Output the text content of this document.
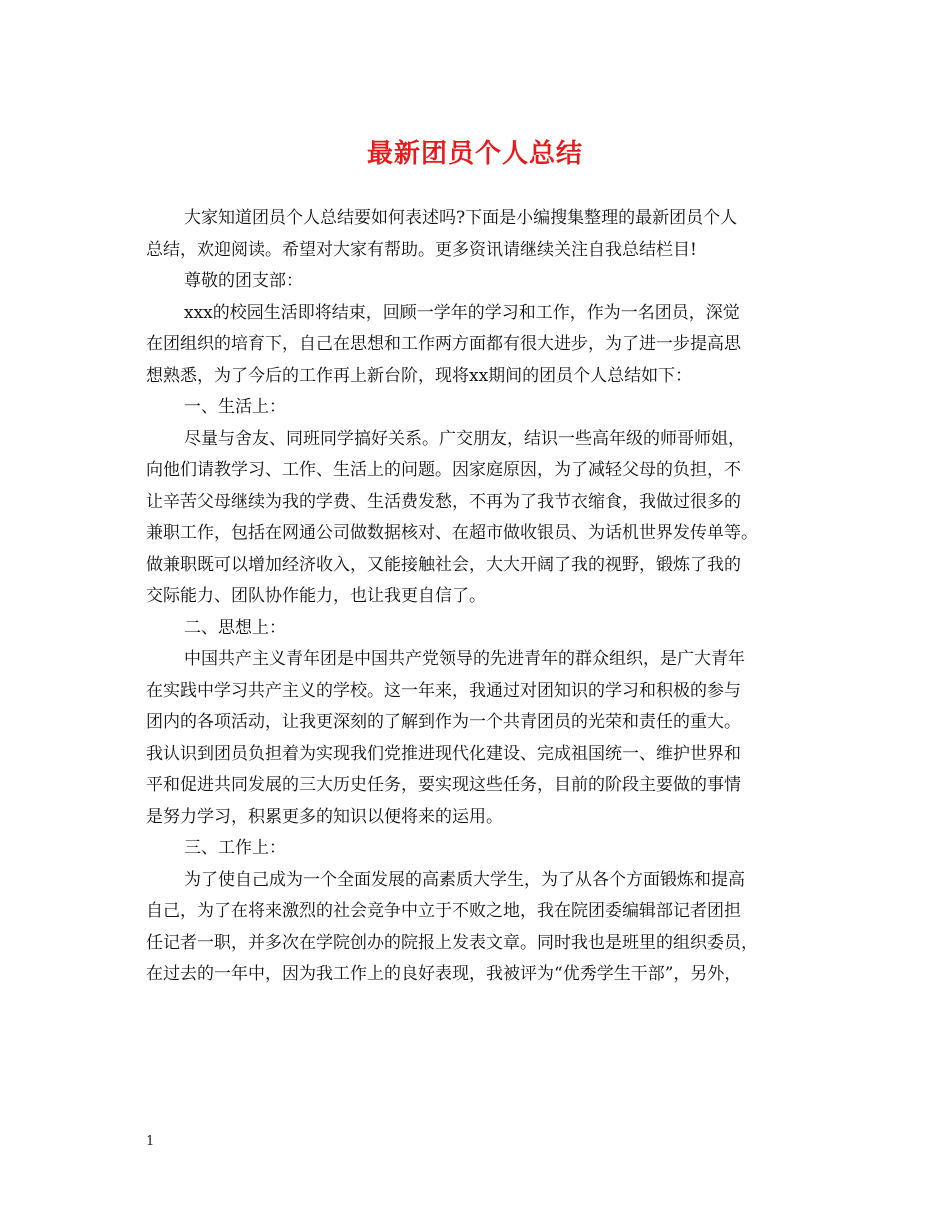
最新团员个人总结
大家知道团员个人总结要如何表述吗?下面是小编搜集整理的最新团员个人
总结，欢迎阅读。希望对大家有帮助。更多资讯请继续关注自我总结栏目!
尊敬的团支部：
xxx的校园生活即将结束，回顾一学年的学习和工作，作为一名团员，深觉
在团组织的培育下，自己在思想和工作两方面都有很大进步，为了进一步提高思
想熟悉，为了今后的工作再上新台阶，现将xx期间的团员个人总结如下：
一、生活上：
尽量与舍友、同班同学搞好关系。广交朋友，结识一些高年级的师哥师姐，
向他们请教学习、工作、生活上的问题。因家庭原因，为了减轻父母的负担，不
让辛苦父母继续为我的学费、生活费发愁，不再为了我节衣缩食，我做过很多的
兼职工作，包括在网通公司做数据核对、在超市做收银员、为话机世界发传单等。
做兼职既可以增加经济收入，又能接触社会，大大开阔了我的视野，锻炼了我的
交际能力、团队协作能力，也让我更自信了。
二、思想上：
中国共产主义青年团是中国共产党领导的先进青年的群众组织，是广大青年
在实践中学习共产主义的学校。这一年来，我通过对团知识的学习和积极的参与
团内的各项活动，让我更深刻的了解到作为一个共青团员的光荣和责任的重大。
我认识到团员负担着为实现我们党推进现代化建设、完成祖国统一、维护世界和
平和促进共同发展的三大历史任务，要实现这些任务，目前的阶段主要做的事情
是努力学习，积累更多的知识以便将来的运用。
三、工作上：
为了使自己成为一个全面发展的高素质大学生，为了从各个方面锻炼和提高
自己，为了在将来激烈的社会竞争中立于不败之地，我在院团委编辑部记者团担
任记者一职，并多次在学院创办的院报上发表文章。同时我也是班里的组织委员，
在过去的一年中，因为我工作上的良好表现，我被评为“优秀学生干部”，另外，
1
